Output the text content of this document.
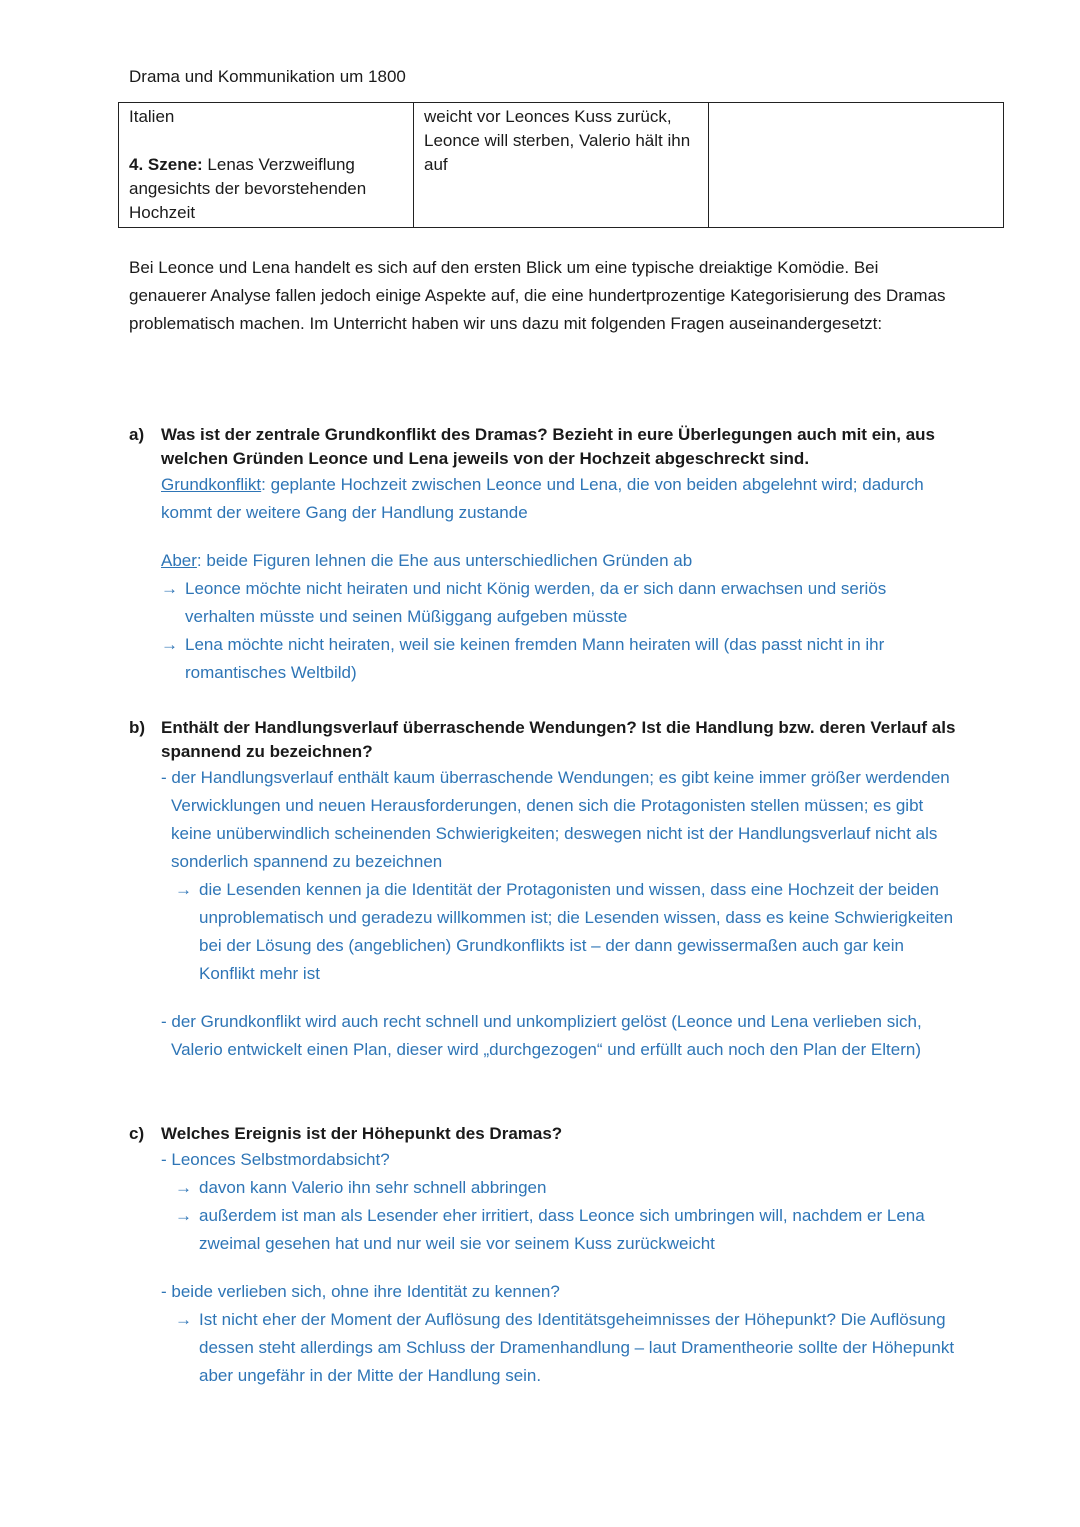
Drama und Kommunikation um 1800
Italien
4. Szene: Lenas Verzweiflung angesichts der bevorstehenden Hochzeit
	weicht vor Leonces Kuss zurück, Leonce will sterben, Valerio hält ihn auf	

Bei Leonce und Lena handelt es sich auf den ersten Blick um eine typische dreiaktige Komödie. Bei genauerer Analyse fallen jedoch einige Aspekte auf, die eine hundertprozentige Kategorisierung des Dramas problematisch machen. Im Unterricht haben wir uns dazu mit folgenden Fragen auseinandergesetzt:

a) Was ist der zentrale Grundkonflikt des Dramas? Bezieht in eure Überlegungen auch mit ein, aus welchen Gründen Leonce und Lena jeweils von der Hochzeit abgeschreckt sind.
Grundkonflikt: geplante Hochzeit zwischen Leonce und Lena, die von beiden abgelehnt wird; dadurch kommt der weitere Gang der Handlung zustande
Aber: beide Figuren lehnen die Ehe aus unterschiedlichen Gründen ab
→ Leonce möchte nicht heiraten und nicht König werden, da er sich dann erwachsen und seriös verhalten müsste und seinen Müßiggang aufgeben müsste
→ Lena möchte nicht heiraten, weil sie keinen fremden Mann heiraten will (das passt nicht in ihr romantisches Weltbild)
b) Enthält der Handlungsverlauf überraschende Wendungen? Ist die Handlung bzw. deren Verlauf als spannend zu bezeichnen?
- der Handlungsverlauf enthält kaum überraschende Wendungen; es gibt keine immer größer werdenden Verwicklungen und neuen Herausforderungen, denen sich die Protagonisten stellen müssen; es gibt keine unüberwindlich scheinenden Schwierigkeiten; deswegen nicht ist der Handlungsverlauf nicht als sonderlich spannend zu bezeichnen
→ die Lesenden kennen ja die Identität der Protagonisten und wissen, dass eine Hochzeit der beiden unproblematisch und geradezu willkommen ist; die Lesenden wissen, dass es keine Schwierigkeiten bei der Lösung des (angeblichen) Grundkonflikts ist – der dann gewissermaßen auch gar kein Konflikt mehr ist
- der Grundkonflikt wird auch recht schnell und unkompliziert gelöst (Leonce und Lena verlieben sich, Valerio entwickelt einen Plan, dieser wird „durchgezogen“ und erfüllt auch noch den Plan der Eltern)
c) Welches Ereignis ist der Höhepunkt des Dramas?
- Leonces Selbstmordabsicht?
→ davon kann Valerio ihn sehr schnell abbringen
→ außerdem ist man als Lesender eher irritiert, dass Leonce sich umbringen will, nachdem er Lena zweimal gesehen hat und nur weil sie vor seinem Kuss zurückweicht
- beide verlieben sich, ohne ihre Identität zu kennen?
→ Ist nicht eher der Moment der Auflösung des Identitätsgeheimnisses der Höhepunkt? Die Auflösung dessen steht allerdings am Schluss der Dramenhandlung – laut Dramentheorie sollte der Höhepunkt aber ungefähr in der Mitte der Handlung sein.
